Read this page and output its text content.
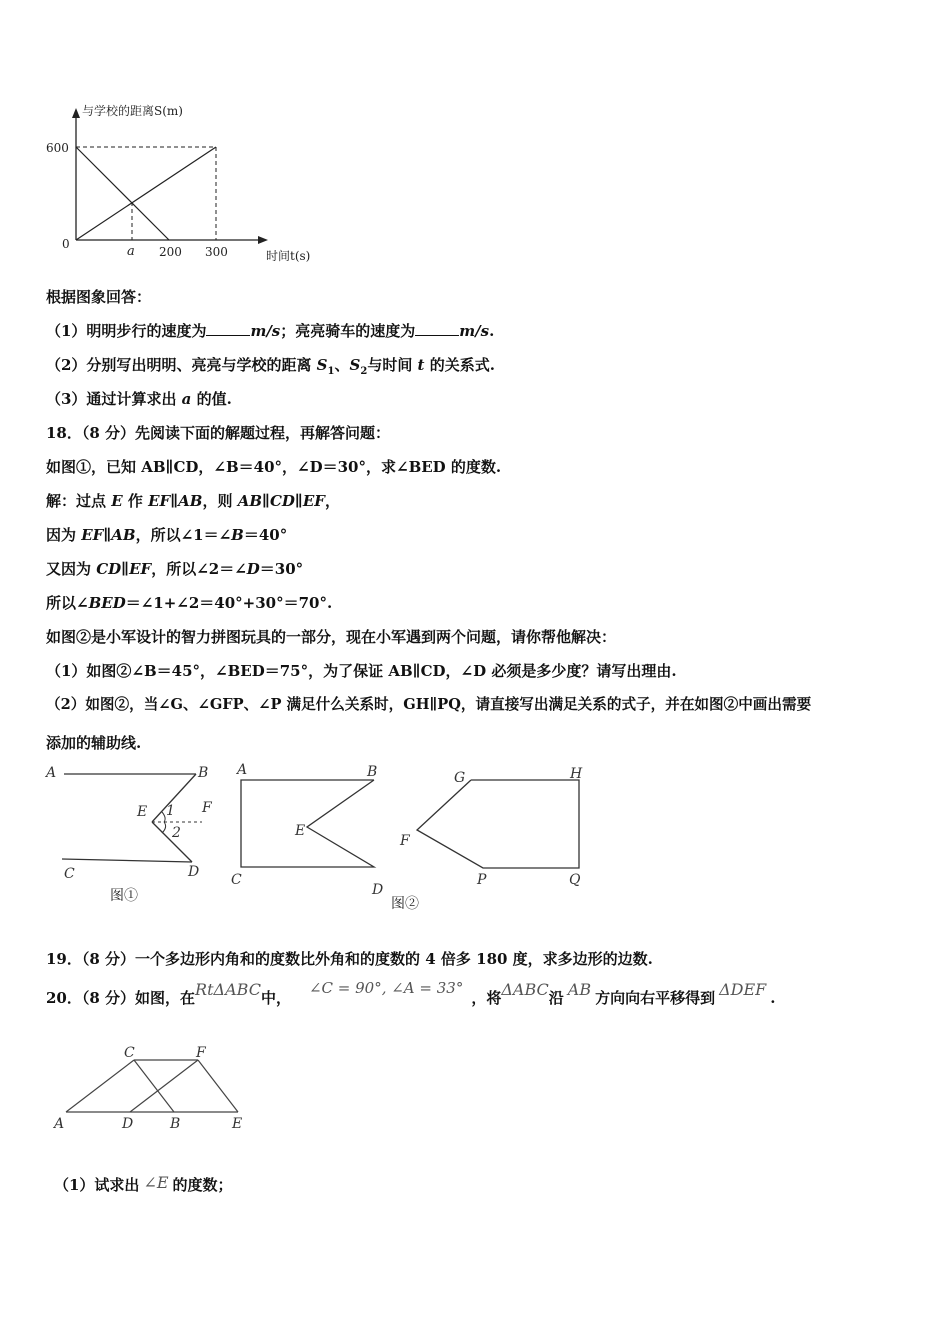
与学校的距离S(m)
600
0	a 200 300	时间t(s)
根据图象回答：
（1）明明步行的速度为	m/s；亮亮骑车的速度为	m/s.
（2）分别写出明明、亮亮与学校的距离 $S_1$、$S_2$与时间 t 的关系式.
（3）通过计算求出 a 的值.
18．（8 分）先阅读下面的解题过程，再解答问题：
如图①，已知 AB∥CD，∠B＝40°，∠D＝30°，求∠BED 的度数.
解：过点 E 作 EF∥AB，则 AB∥CD∥EF，
因为 EF∥AB，所以∠1＝∠B＝40°
又因为 CD∥EF，所以∠2＝∠D＝30°
所以∠BED＝∠1+∠2＝40°+30°＝70°.
如图②是小军设计的智力拼图玩具的一部分，现在小军遇到两个问题，请你帮他解决：
（1）如图②∠B＝45°，∠BED＝75°，为了保证 AB∥CD，∠D 必须是多少度？请写出理由.
（2）如图②，当∠G、∠GFP、∠P 满足什么关系时，GH∥PQ，请直接写出满足关系的式子，并在如图②中画出需要
添加的辅助线.
A	B
E	F
1
2
C	D
图①
A	B
E
C
D
G	H
F
P	Q
图②
19．（8 分）一个多边形内角和的度数比外角和的度数的 4 倍多 180 度，求多边形的边数.
20．（8 分）如图，在RtΔABC中，∠C = 90°, ∠A = 33°，将ΔABC沿 AB 方向向右平移得到 ΔDEF .
C	F
A	D	B	E
（1）试求出 ∠E 的度数；
